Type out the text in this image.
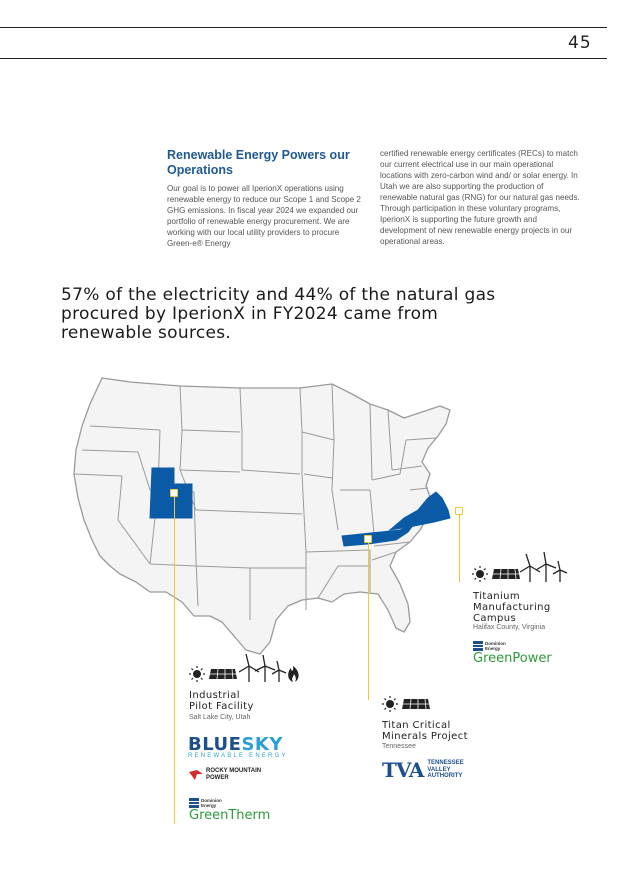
45
Renewable Energy Powers our Operations
Our goal is to power all IperionX operations using renewable energy to reduce our Scope 1 and Scope 2 GHG emissions. In fiscal year 2024 we expanded our portfolio of renewable energy procurement. We are working with our local utility providers to procure Green-e® Energy
certified renewable energy certificates (RECs) to match our current electrical use in our main operational locations with zero-carbon wind and/ or solar energy. In Utah we are also supporting the production of renewable natural gas (RNG) for our natural gas needs. Through participation in these voluntary programs, IperionX is supporting the future growth and development of new renewable energy projects in our operational areas.
57% of the electricity and 44% of the natural gas procured by IperionX in FY2024 came from renewable sources.
Titanium
Manufacturing
Campus
Halifax County, Virginia
Dominion
Energy
GreenPower
Industrial
Pilot Facility
Salt Lake City, Utah
BLUESKY
RENEWABLE ENERGY
ROCKY MOUNTAIN
POWER
Dominion
Energy
GreenTherm
Titan Critical
Minerals Project
Tennessee
TVA TENNESSEE
VALLEY
AUTHORITY
